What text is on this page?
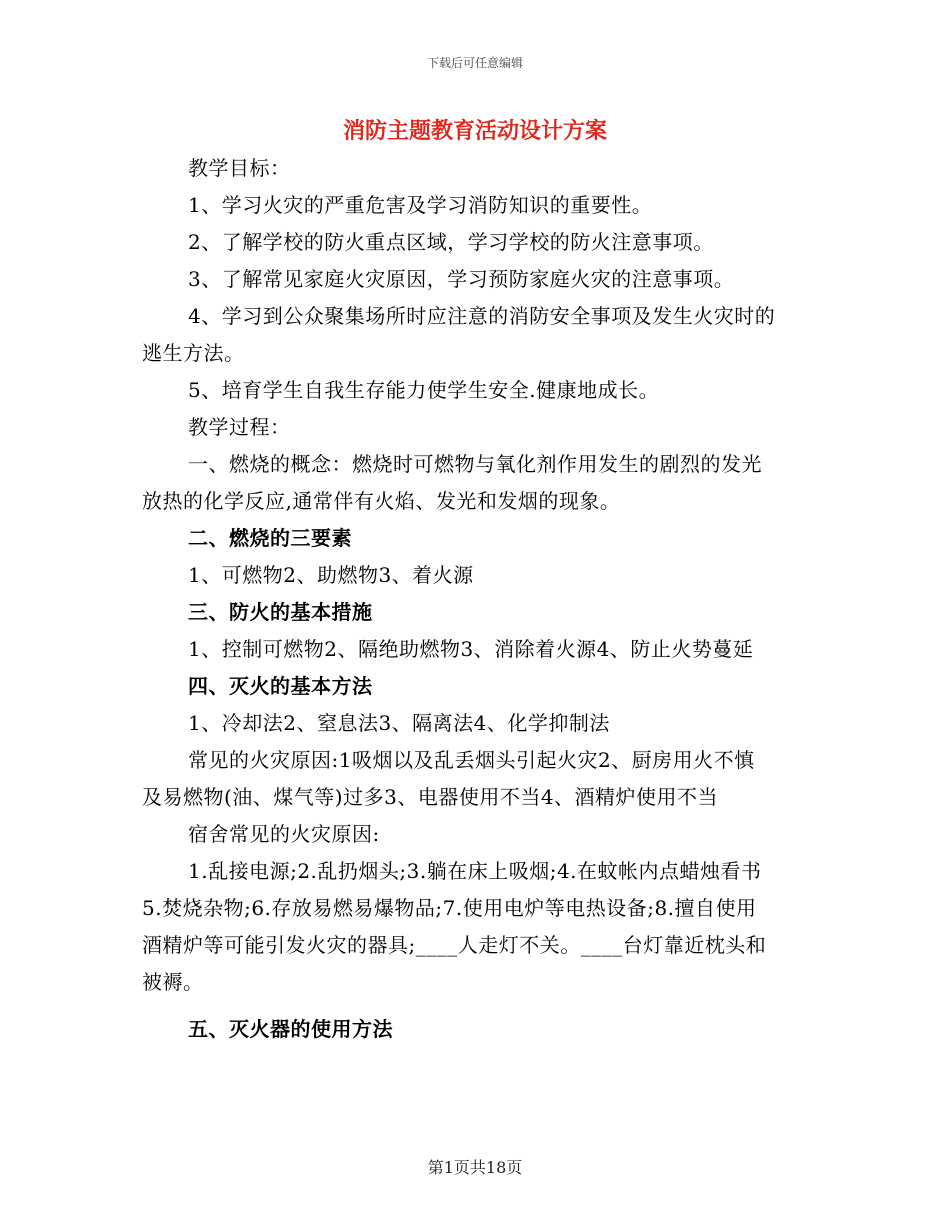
下载后可任意编辑
消防主题教育活动设计方案
教学目标：
1、学习火灾的严重危害及学习消防知识的重要性。
2、了解学校的防火重点区域，学习学校的防火注意事项。
3、了解常见家庭火灾原因，学习预防家庭火灾的注意事项。
4、学习到公众聚集场所时应注意的消防安全事项及发生火灾时的
逃生方法。
5、培育学生自我生存能力使学生安全.健康地成长。
教学过程：
一、燃烧的概念：燃烧时可燃物与氧化剂作用发生的剧烈的发光
放热的化学反应,通常伴有火焰、发光和发烟的现象。
二、燃烧的三要素
1、可燃物2、助燃物3、着火源
三、防火的基本措施
1、控制可燃物2、隔绝助燃物3、消除着火源4、防止火势蔓延
四、灭火的基本方法
1、冷却法2、窒息法3、隔离法4、化学抑制法
常见的火灾原因:1吸烟以及乱丢烟头引起火灾2、厨房用火不慎
及易燃物(油、煤气等)过多3、电器使用不当4、酒精炉使用不当
宿舍常见的火灾原因:
1.乱接电源;2.乱扔烟头;3.躺在床上吸烟;4.在蚊帐内点蜡烛看书
5.焚烧杂物;6.存放易燃易爆物品;7.使用电炉等电热设备;8.擅自使用
酒精炉等可能引发火灾的器具;____人走灯不关。____台灯靠近枕头和
被褥。
五、灭火器的使用方法
第1页共18页
